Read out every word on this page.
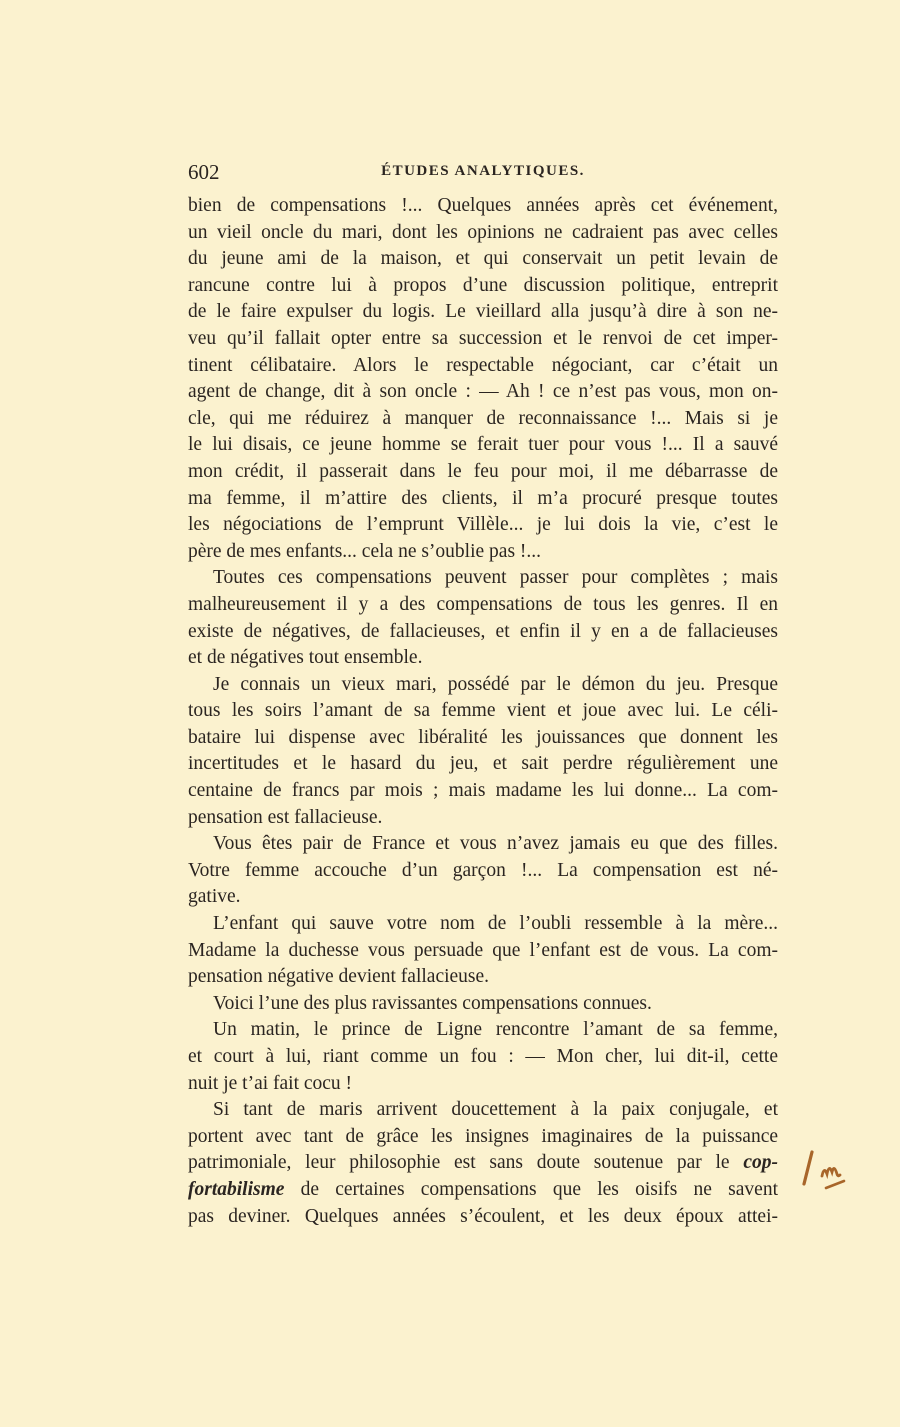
602	ÉTUDES ANALYTIQUES.
bien de compensations !... Quelques années après cet événement,
un vieil oncle du mari, dont les opinions ne cadraient pas avec celles
du jeune ami de la maison, et qui conservait un petit levain de
rancune contre lui à propos d’une discussion politique, entreprit
de le faire expulser du logis. Le vieillard alla jusqu’à dire à son ne-
veu qu’il fallait opter entre sa succession et le renvoi de cet imper-
tinent célibataire. Alors le respectable négociant, car c’était un
agent de change, dit à son oncle : — Ah ! ce n’est pas vous, mon on-
cle, qui me réduirez à manquer de reconnaissance !... Mais si je
le lui disais, ce jeune homme se ferait tuer pour vous !... Il a sauvé
mon crédit, il passerait dans le feu pour moi, il me débarrasse de
ma femme, il m’attire des clients, il m’a procuré presque toutes
les négociations de l’emprunt Villèle... je lui dois la vie, c’est le
père de mes enfants... cela ne s’oublie pas !...
Toutes ces compensations peuvent passer pour complètes ; mais
malheureusement il y a des compensations de tous les genres. Il en
existe de négatives, de fallacieuses, et enfin il y en a de fallacieuses
et de négatives tout ensemble.
Je connais un vieux mari, possédé par le démon du jeu. Presque
tous les soirs l’amant de sa femme vient et joue avec lui. Le céli-
bataire lui dispense avec libéralité les jouissances que donnent les
incertitudes et le hasard du jeu, et sait perdre régulièrement une
centaine de francs par mois ; mais madame les lui donne... La com-
pensation est fallacieuse.
Vous êtes pair de France et vous n’avez jamais eu que des filles.
Votre femme accouche d’un garçon !... La compensation est né-
gative.
L’enfant qui sauve votre nom de l’oubli ressemble à la mère...
Madame la duchesse vous persuade que l’enfant est de vous. La com-
pensation négative devient fallacieuse.
Voici l’une des plus ravissantes compensations connues.
Un matin, le prince de Ligne rencontre l’amant de sa femme,
et court à lui, riant comme un fou : — Mon cher, lui dit-il, cette
nuit je t’ai fait cocu !
Si tant de maris arrivent doucettement à la paix conjugale, et
portent avec tant de grâce les insignes imaginaires de la puissance
patrimoniale, leur philosophie est sans doute soutenue par le cop-
fortabilisme de certaines compensations que les oisifs ne savent
pas deviner. Quelques années s’écoulent, et les deux époux attei-
